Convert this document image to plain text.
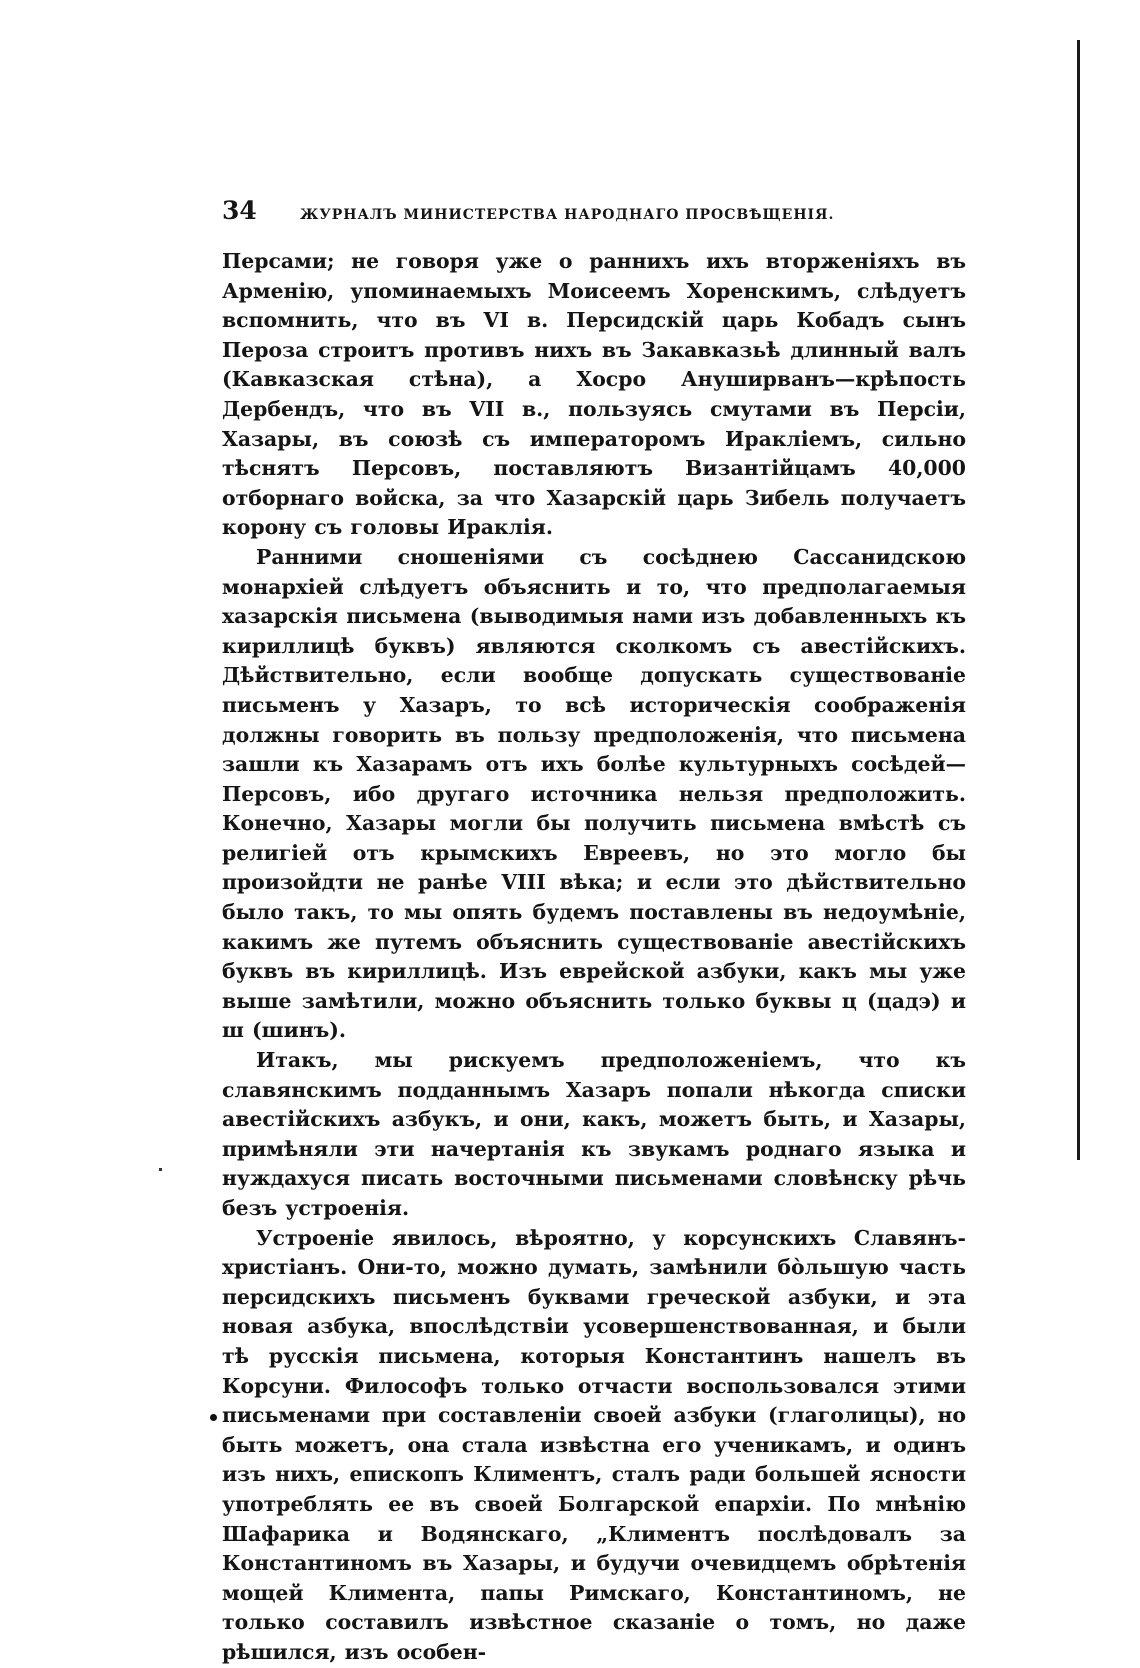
34	ЖУРНАЛЪ МИНИСТЕРСТВА НАРОДНАГО ПРОСВѢЩЕНІЯ.

Персами; не говоря уже о раннихъ ихъ вторженіяхъ въ Арменію, упоминаемыхъ Моисеемъ Хоренскимъ, слѣдуетъ вспомнить, что въ VI в. Персидскій царь Кобадъ сынъ Пероза строитъ противъ нихъ въ Закавказьѣ длинный валъ (Кавказская стѣна), а Хосро Ануширванъ—крѣпость Дербендъ, что въ VII в., пользуясь смутами въ Персіи, Хазары, въ союзѣ съ императоромъ Иракліемъ, сильно тѣснятъ Персовъ, поставляютъ Византійцамъ 40,000 отборнаго войска, за что Хазарскій царь Зибель получаетъ корону съ головы Ираклія.

Ранними сношеніями съ сосѣднею Сассанидскою монархіей слѣдуетъ объяснить и то, что предполагаемыя хазарскія письмена (выводимыя нами изъ добавленныхъ къ кириллицѣ буквъ) являются сколкомъ съ авестійскихъ. Дѣйствительно, если вообще допускать существованіе письменъ у Хазаръ, то всѣ историческія соображенія должны говорить въ пользу предположенія, что письмена зашли къ Хазарамъ отъ ихъ болѣе культурныхъ сосѣдей—Персовъ, ибо другаго источника нельзя предположить. Конечно, Хазары могли бы получить письмена вмѣстѣ съ религіей отъ крымскихъ Евреевъ, но это могло бы произойдти не ранѣе VIII вѣка; и если это дѣйствительно было такъ, то мы опять будемъ поставлены въ недоумѣніе, какимъ же путемъ объяснить существованіе авестійскихъ буквъ въ кириллицѣ. Изъ еврейской азбуки, какъ мы уже выше замѣтили, можно объяснить только буквы ц (цадэ) и ш (шинъ).

Итакъ, мы рискуемъ предположеніемъ, что къ славянскимъ подданнымъ Хазаръ попали нѣкогда списки авестійскихъ азбукъ, и они, какъ, можетъ быть, и Хазары, примѣняли эти начертанія къ звукамъ роднаго языка и нуждахуся писать восточными письменами словѣнску рѣчь безъ устроенія.

Устроеніе явилось, вѣроятно, у корсунскихъ Славянъ-христіанъ. Они-то, можно думать, замѣнили бо̀льшую часть персидскихъ письменъ буквами греческой азбуки, и эта новая азбука, впослѣдствіи усовершенствованная, и были тѣ русскія письмена, которыя Константинъ нашелъ въ Корсуни. Философъ только отчасти воспользовался этими письменами при составленіи своей азбуки (глаголицы), но быть можетъ, она стала извѣстна его ученикамъ, и одинъ изъ нихъ, епископъ Климентъ, сталъ ради большей ясности употреблять ее въ своей Болгарской епархіи. По мнѣнію Шафарика и Водянскаго, „Климентъ послѣдовалъ за Константиномъ въ Хазары, и будучи очевидцемъ обрѣтенія мощей Климента, папы Римскаго, Константиномъ, не только составилъ извѣстное сказаніе о томъ, но даже рѣшился, изъ особен-
